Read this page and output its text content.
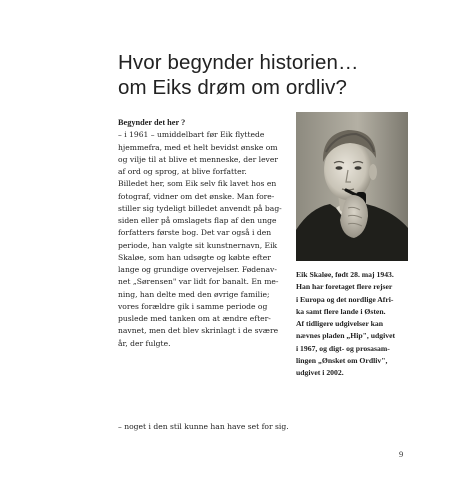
Hvor begynder historien…
om Eiks drøm om ordliv?
Begynder det her ?
– i 1961 – umiddelbart før Eik flyttede
hjemmefra, med et helt bevidst ønske om
og vilje til at blive et menneske, der lever
af ord og sprog, at blive forfatter.
Billedet her, som Eik selv fik lavet hos en
fotograf, vidner om det ønske. Man fore-
stiller sig tydeligt billedet anvendt på bag-
siden eller på omslagets flap af den unge
forfatters første bog. Det var også i den
periode, han valgte sit kunstnernavn, Eik
Skaløe, som han udsøgte og købte efter
lange og grundige overvejelser. Fødenav-
net „Sørensen" var lidt for banalt. En me-
ning, han delte med den øvrige familie;
vores forældre gik i samme periode og
puslede med tanken om at ændre efter-
navnet, men det blev skrinlagt i de svære
år, der fulgte.
Eik Skaløe, født 28. maj 1943.
Han har foretaget flere rejser
i Europa og det nordlige Afri-
ka samt flere lande i Østen.
Af tidligere udgivelser kan
nævnes pladen „Hip", udgivet
i 1967, og digt- og prosasam-
lingen „Ønsket om Ordliv",
udgivet i 2002.
– noget i den stil kunne han have set for sig.
9
